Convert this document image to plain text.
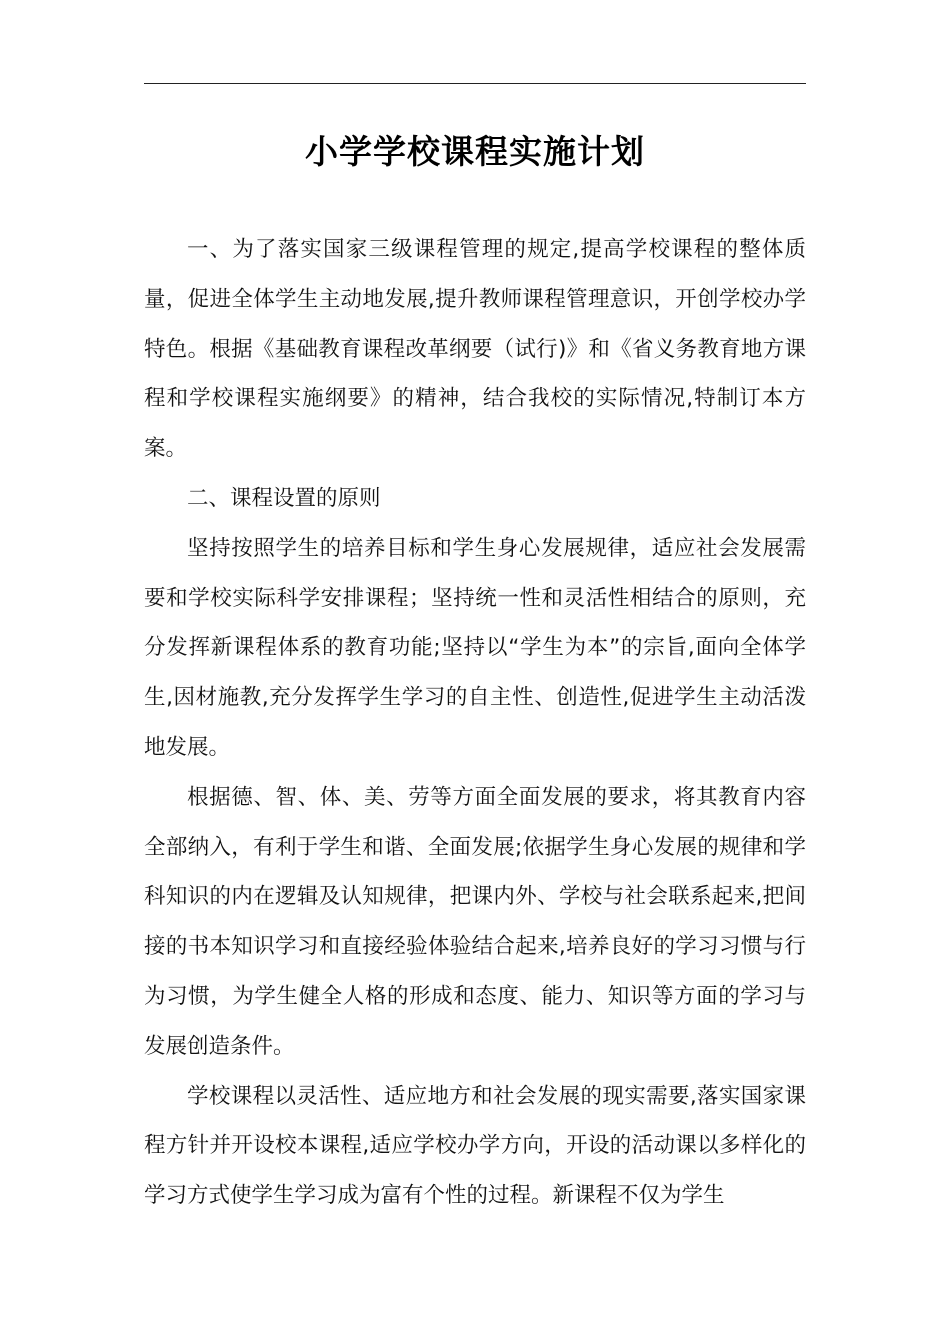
小学学校课程实施计划

一、为了落实国家三级课程管理的规定,提高学校课程的整体质量，促进全体学生主动地发展,提升教师课程管理意识，开创学校办学特色。根据《基础教育课程改革纲要（试行)》和《省义务教育地方课程和学校课程实施纲要》的精神，结合我校的实际情况,特制订本方案。

二、课程设置的原则

坚持按照学生的培养目标和学生身心发展规律，适应社会发展需要和学校实际科学安排课程；坚持统一性和灵活性相结合的原则，充分发挥新课程体系的教育功能;坚持以“学生为本”的宗旨,面向全体学生,因材施教,充分发挥学生学习的自主性、创造性,促进学生主动活泼地发展。

根据德、智、体、美、劳等方面全面发展的要求，将其教育内容全部纳入，有利于学生和谐、全面发展;依据学生身心发展的规律和学科知识的内在逻辑及认知规律，把课内外、学校与社会联系起来,把间接的书本知识学习和直接经验体验结合起来,培养良好的学习习惯与行为习惯，为学生健全人格的形成和态度、能力、知识等方面的学习与发展创造条件。

学校课程以灵活性、适应地方和社会发展的现实需要,落实国家课程方针并开设校本课程,适应学校办学方向，开设的活动课以多样化的学习方式使学生学习成为富有个性的过程。新课程不仅为学生
